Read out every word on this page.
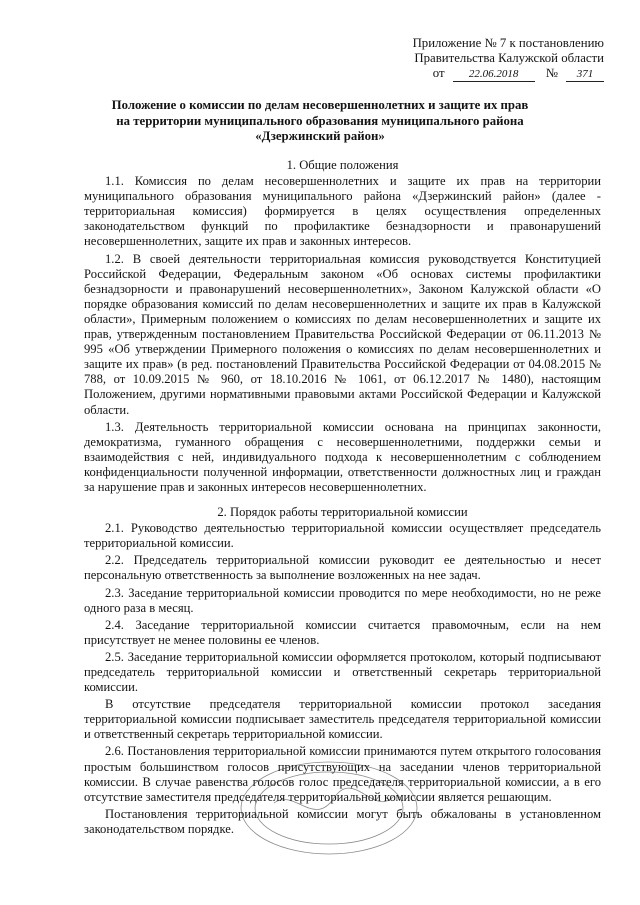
Приложение № 7 к постановлению
Правительства Калужской области
от 22.06.2018 № 371
Положение о комиссии по делам несовершеннолетних и защите их прав
на территории муниципального образования муниципального района
«Дзержинский район»
1. Общие положения

1.1. Комиссия по делам несовершеннолетних и защите их прав на территории муниципального образования муниципального района «Дзержинский район» (далее - территориальная комиссия) формируется в целях осуществления определенных законодательством функций по профилактике безнадзорности и правонарушений несовершеннолетних, защите их прав и законных интересов.

1.2. В своей деятельности территориальная комиссия руководствуется Конституцией Российской Федерации, Федеральным законом «Об основах системы профилактики безнадзорности и правонарушений несовершеннолетних», Законом Калужской области «О порядке образования комиссий по делам несовершеннолетних и защите их прав в Калужской области», Примерным положением о комиссиях по делам несовершеннолетних и защите их прав, утвержденным постановлением Правительства Российской Федерации от 06.11.2013 № 995 «Об утверждении Примерного положения о комиссиях по делам несовершеннолетних и защите их прав» (в ред. постановлений Правительства Российской Федерации от 04.08.2015 № 788, от 10.09.2015 № 960, от 18.10.2016 № 1061, от 06.12.2017 № 1480), настоящим Положением, другими нормативными правовыми актами Российской Федерации и Калужской области.

1.3. Деятельность территориальной комиссии основана на принципах законности, демократизма, гуманного обращения с несовершеннолетними, поддержки семьи и взаимодействия с ней, индивидуального подхода к несовершеннолетним с соблюдением конфиденциальности полученной информации, ответственности должностных лиц и граждан за нарушение прав и законных интересов несовершеннолетних.

2. Порядок работы территориальной комиссии

2.1. Руководство деятельностью территориальной комиссии осуществляет председатель территориальной комиссии.

2.2. Председатель территориальной комиссии руководит ее деятельностью и несет персональную ответственность за выполнение возложенных на нее задач.

2.3. Заседание территориальной комиссии проводится по мере необходимости, но не реже одного раза в месяц.

2.4. Заседание территориальной комиссии считается правомочным, если на нем присутствует не менее половины ее членов.

2.5. Заседание территориальной комиссии оформляется протоколом, который подписывают председатель территориальной комиссии и ответственный секретарь территориальной комиссии.

В отсутствие председателя территориальной комиссии протокол заседания территориальной комиссии подписывает заместитель председателя территориальной комиссии и ответственный секретарь территориальной комиссии.

2.6. Постановления территориальной комиссии принимаются путем открытого голосования простым большинством голосов присутствующих на заседании членов территориальной комиссии. В случае равенства голосов голос председателя территориальной комиссии, а в его отсутствие заместителя председателя территориальной комиссии является решающим.

Постановления территориальной комиссии могут быть обжалованы в установленном законодательством порядке.
